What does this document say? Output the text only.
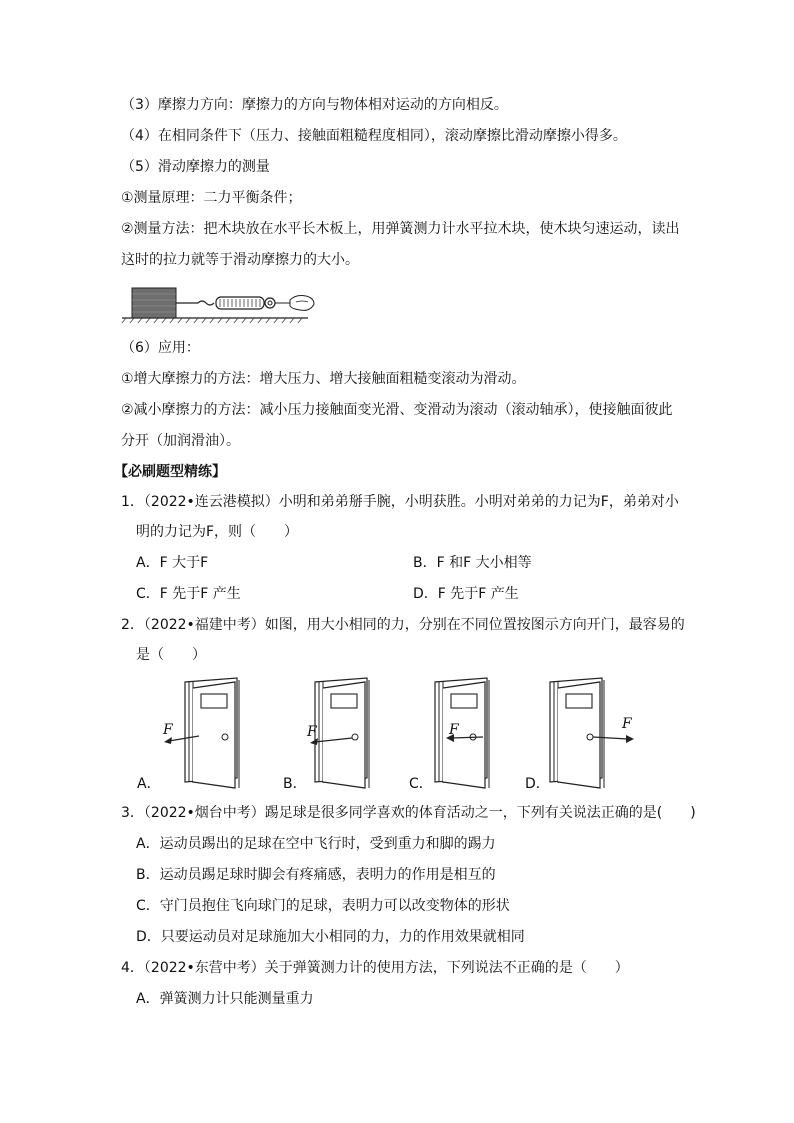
（3）摩擦力方向：摩擦力的方向与物体相对运动的方向相反。
（4）在相同条件下（压力、接触面粗糙程度相同），滚动摩擦比滑动摩擦小得多。
（5）滑动摩擦力的测量
①测量原理：二力平衡条件；
②测量方法：把木块放在水平长木板上，用弹簧测力计水平拉木块，使木块匀速运动，读出
这时的拉力就等于滑动摩擦力的大小。
（6）应用：
①增大摩擦力的方法：增大压力、增大接触面粗糙变滚动为滑动。
②减小摩擦力的方法：减小压力接触面变光滑、变滑动为滚动（滚动轴承），使接触面彼此
分开（加润滑油）。
【必刷题型精练】
1．（2022•连云港模拟）小明和弟弟掰手腕，小明获胜。小明对弟弟的力记为F，弟弟对小
明的力记为F，则（　　）
A．F 大于F	B．F 和F 大小相等
C．F 先于F 产生	D．F 先于F 产生
2．（2022•福建中考）如图，用大小相同的力，分别在不同位置按图示方向开门，最容易的
是（　　）
F
A．
F
B．
F
C．
F
D．
3．（2022•烟台中考）踢足球是很多同学喜欢的体育活动之一，下列有关说法正确的是(　　)
A．运动员踢出的足球在空中飞行时，受到重力和脚的踢力
B．运动员踢足球时脚会有疼痛感，表明力的作用是相互的
C．守门员抱住飞向球门的足球，表明力可以改变物体的形状
D．只要运动员对足球施加大小相同的力，力的作用效果就相同
4．（2022•东营中考）关于弹簧测力计的使用方法，下列说法不正确的是（　　）
A．弹簧测力计只能测量重力
